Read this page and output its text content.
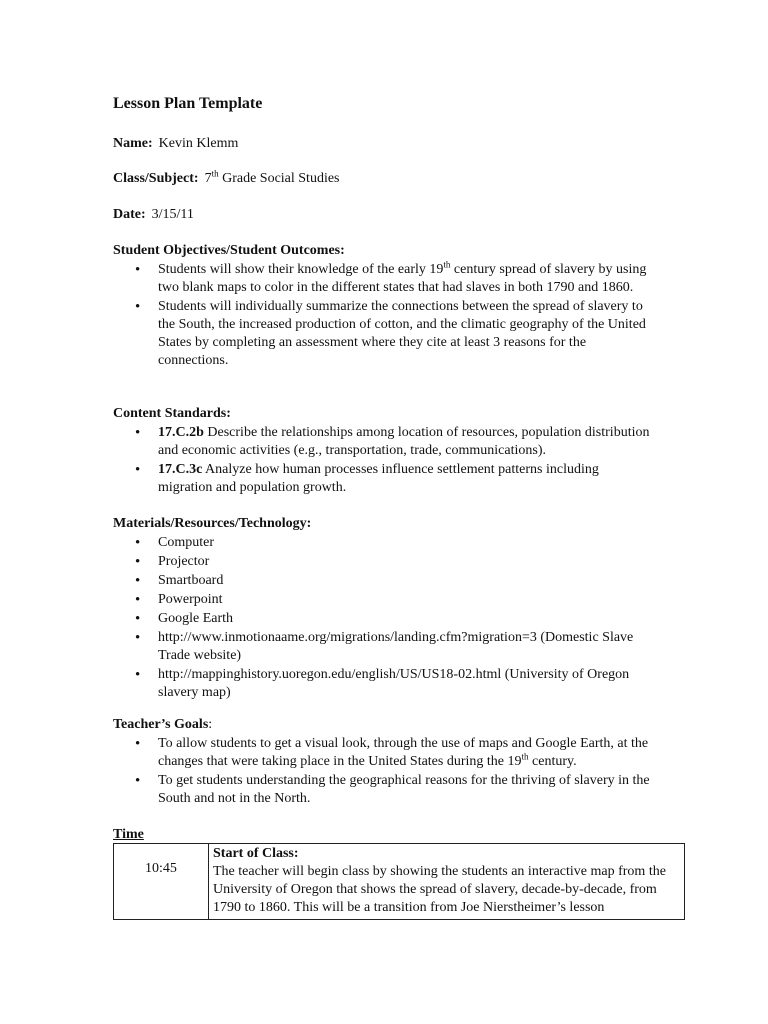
Lesson Plan Template
Name: Kevin Klemm
Class/Subject: 7th Grade Social Studies
Date: 3/15/11
Student Objectives/Student Outcomes:
• Students will show their knowledge of the early 19th century spread of slavery by using two blank maps to color in the different states that had slaves in both 1790 and 1860.
• Students will individually summarize the connections between the spread of slavery to the South, the increased production of cotton, and the climatic geography of the United States by completing an assessment where they cite at least 3 reasons for the connections.
Content Standards:
• 17.C.2b Describe the relationships among location of resources, population distribution and economic activities (e.g., transportation, trade, communications).
• 17.C.3c Analyze how human processes influence settlement patterns including migration and population growth.
Materials/Resources/Technology:
• Computer
• Projector
• Smartboard
• Powerpoint
• Google Earth
• http://www.inmotionaame.org/migrations/landing.cfm?migration=3 (Domestic Slave Trade website)
• http://mappinghistory.uoregon.edu/english/US/US18-02.html (University of Oregon slavery map)
Teacher’s Goals:
• To allow students to get a visual look, through the use of maps and Google Earth, at the changes that were taking place in the United States during the 19th century.
• To get students understanding the geographical reasons for the thriving of slavery in the South and not in the North.
Time
10:45	Start of Class:
The teacher will begin class by showing the students an interactive map from the University of Oregon that shows the spread of slavery, decade-by-decade, from 1790 to 1860. This will be a transition from Joe Nierstheimer’s lesson
